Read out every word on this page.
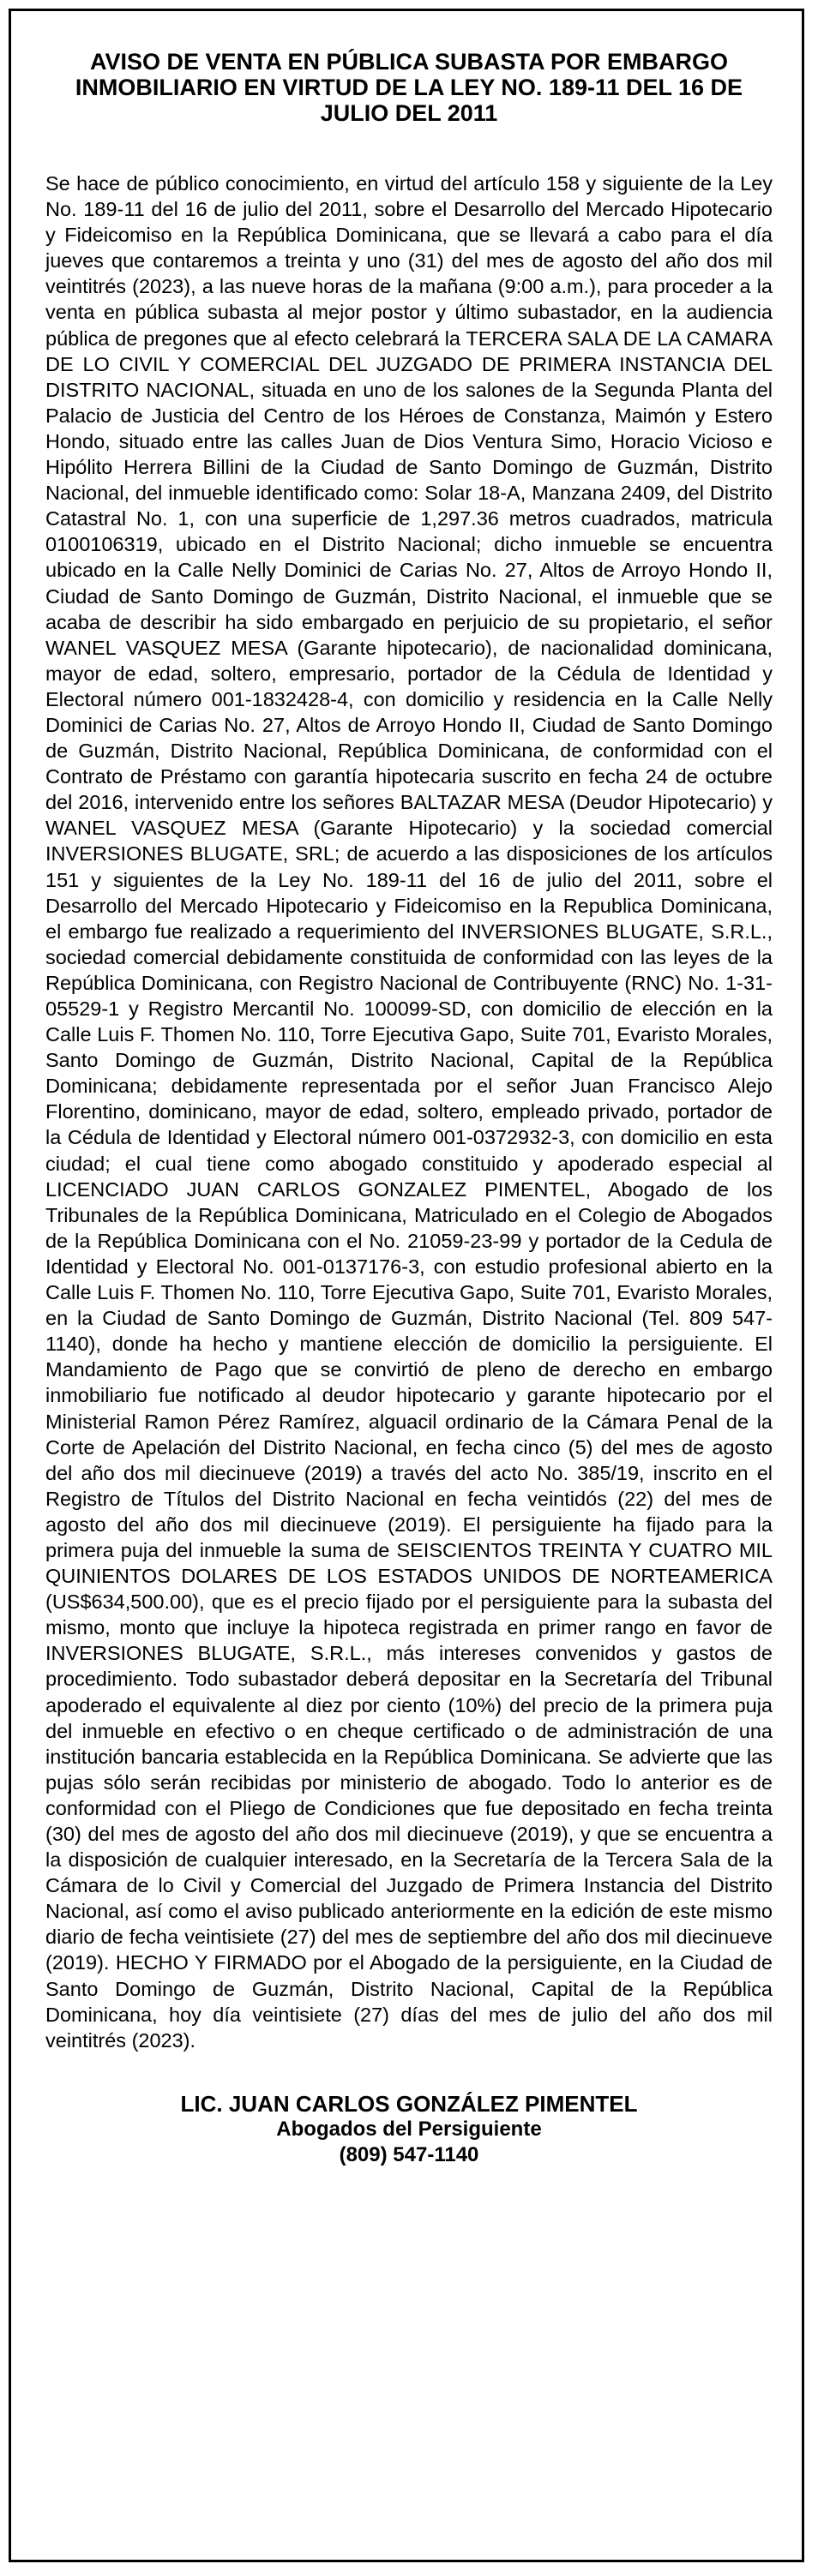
AVISO DE VENTA EN PÚBLICA SUBASTA POR EMBARGO INMOBILIARIO EN VIRTUD DE LA LEY NO. 189-11 DEL 16 DE JULIO DEL 2011

Se hace de público conocimiento, en virtud del artículo 158 y siguiente de la Ley No. 189-11 del 16 de julio del 2011, sobre el Desarrollo del Mercado Hipotecario y Fideicomiso en la República Dominicana, que se llevará a cabo para el día jueves que contaremos a treinta y uno (31) del mes de agosto del año dos mil veintitrés (2023), a las nueve horas de la mañana (9:00 a.m.), para proceder a la venta en pública subasta al mejor postor y último subastador, en la audiencia pública de pregones que al efecto celebrará la TERCERA SALA DE LA CAMARA DE LO CIVIL Y COMERCIAL DEL JUZGADO DE PRIMERA INSTANCIA DEL DISTRITO NACIONAL, situada en uno de los salones de la Segunda Planta del Palacio de Justicia del Centro de los Héroes de Constanza, Maimón y Estero Hondo, situado entre las calles Juan de Dios Ventura Simo, Horacio Vicioso e Hipólito Herrera Billini de la Ciudad de Santo Domingo de Guzmán, Distrito Nacional, del inmueble identificado como: Solar 18-A, Manzana 2409, del Distrito Catastral No. 1, con una superficie de 1,297.36 metros cuadrados, matricula 0100106319, ubicado en el Distrito Nacional; dicho inmueble se encuentra ubicado en la Calle Nelly Dominici de Carias No. 27, Altos de Arroyo Hondo II, Ciudad de Santo Domingo de Guzmán, Distrito Nacional, el inmueble que se acaba de describir ha sido embargado en perjuicio de su propietario, el señor WANEL VASQUEZ MESA (Garante hipotecario), de nacionalidad dominicana, mayor de edad, soltero, empresario, portador de la Cédula de Identidad y Electoral número 001-1832428-4, con domicilio y residencia en la Calle Nelly Dominici de Carias No. 27, Altos de Arroyo Hondo II, Ciudad de Santo Domingo de Guzmán, Distrito Nacional, República Dominicana, de conformidad con el Contrato de Préstamo con garantía hipotecaria suscrito en fecha 24 de octubre del 2016, intervenido entre los señores BALTAZAR MESA (Deudor Hipotecario) y WANEL VASQUEZ MESA (Garante Hipotecario) y la sociedad comercial INVERSIONES BLUGATE, SRL; de acuerdo a las disposiciones de los artículos 151 y siguientes de la Ley No. 189-11 del 16 de julio del 2011, sobre el Desarrollo del Mercado Hipotecario y Fideicomiso en la Republica Dominicana, el embargo fue realizado a requerimiento del INVERSIONES BLUGATE, S.R.L., sociedad comercial debidamente constituida de conformidad con las leyes de la República Dominicana, con Registro Nacional de Contribuyente (RNC) No. 1-31-05529-1 y Registro Mercantil No. 100099-SD, con domicilio de elección en la Calle Luis F. Thomen No. 110, Torre Ejecutiva Gapo, Suite 701, Evaristo Morales, Santo Domingo de Guzmán, Distrito Nacional, Capital de la República Dominicana; debidamente representada por el señor Juan Francisco Alejo Florentino, dominicano, mayor de edad, soltero, empleado privado, portador de la Cédula de Identidad y Electoral número 001-0372932-3, con domicilio en esta ciudad; el cual tiene como abogado constituido y apoderado especial al LICENCIADO JUAN CARLOS GONZALEZ PIMENTEL, Abogado de los Tribunales de la República Dominicana, Matriculado en el Colegio de Abogados de la República Dominicana con el No. 21059-23-99 y portador de la Cedula de Identidad y Electoral No. 001-0137176-3, con estudio profesional abierto en la Calle Luis F. Thomen No. 110, Torre Ejecutiva Gapo, Suite 701, Evaristo Morales, en la Ciudad de Santo Domingo de Guzmán, Distrito Nacional (Tel. 809 547-1140), donde ha hecho y mantiene elección de domicilio la persiguiente. El Mandamiento de Pago que se convirtió de pleno de derecho en embargo inmobiliario fue notificado al deudor hipotecario y garante hipotecario por el Ministerial Ramon Pérez Ramírez, alguacil ordinario de la Cámara Penal de la Corte de Apelación del Distrito Nacional, en fecha cinco (5) del mes de agosto del año dos mil diecinueve (2019) a través del acto No. 385/19, inscrito en el Registro de Títulos del Distrito Nacional en fecha veintidós (22) del mes de agosto del año dos mil diecinueve (2019). El persiguiente ha fijado para la primera puja del inmueble la suma de SEISCIENTOS TREINTA Y CUATRO MIL QUINIENTOS DOLARES DE LOS ESTADOS UNIDOS DE NORTEAMERICA (US$634,500.00), que es el precio fijado por el persiguiente para la subasta del mismo, monto que incluye la hipoteca registrada en primer rango en favor de INVERSIONES BLUGATE, S.R.L., más intereses convenidos y gastos de procedimiento. Todo subastador deberá depositar en la Secretaría del Tribunal apoderado el equivalente al diez por ciento (10%) del precio de la primera puja del inmueble en efectivo o en cheque certificado o de administración de una institución bancaria establecida en la República Dominicana. Se advierte que las pujas sólo serán recibidas por ministerio de abogado. Todo lo anterior es de conformidad con el Pliego de Condiciones que fue depositado en fecha treinta (30) del mes de agosto del año dos mil diecinueve (2019), y que se encuentra a la disposición de cualquier interesado, en la Secretaría de la Tercera Sala de la Cámara de lo Civil y Comercial del Juzgado de Primera Instancia del Distrito Nacional, así como el aviso publicado anteriormente en la edición de este mismo diario de fecha veintisiete (27) del mes de septiembre del año dos mil diecinueve (2019). HECHO Y FIRMADO por el Abogado de la persiguiente, en la Ciudad de Santo Domingo de Guzmán, Distrito Nacional, Capital de la República Dominicana, hoy día veintisiete (27) días del mes de julio del año dos mil veintitrés (2023).

LIC. JUAN CARLOS GONZÁLEZ PIMENTEL
Abogados del Persiguiente
(809) 547-1140
